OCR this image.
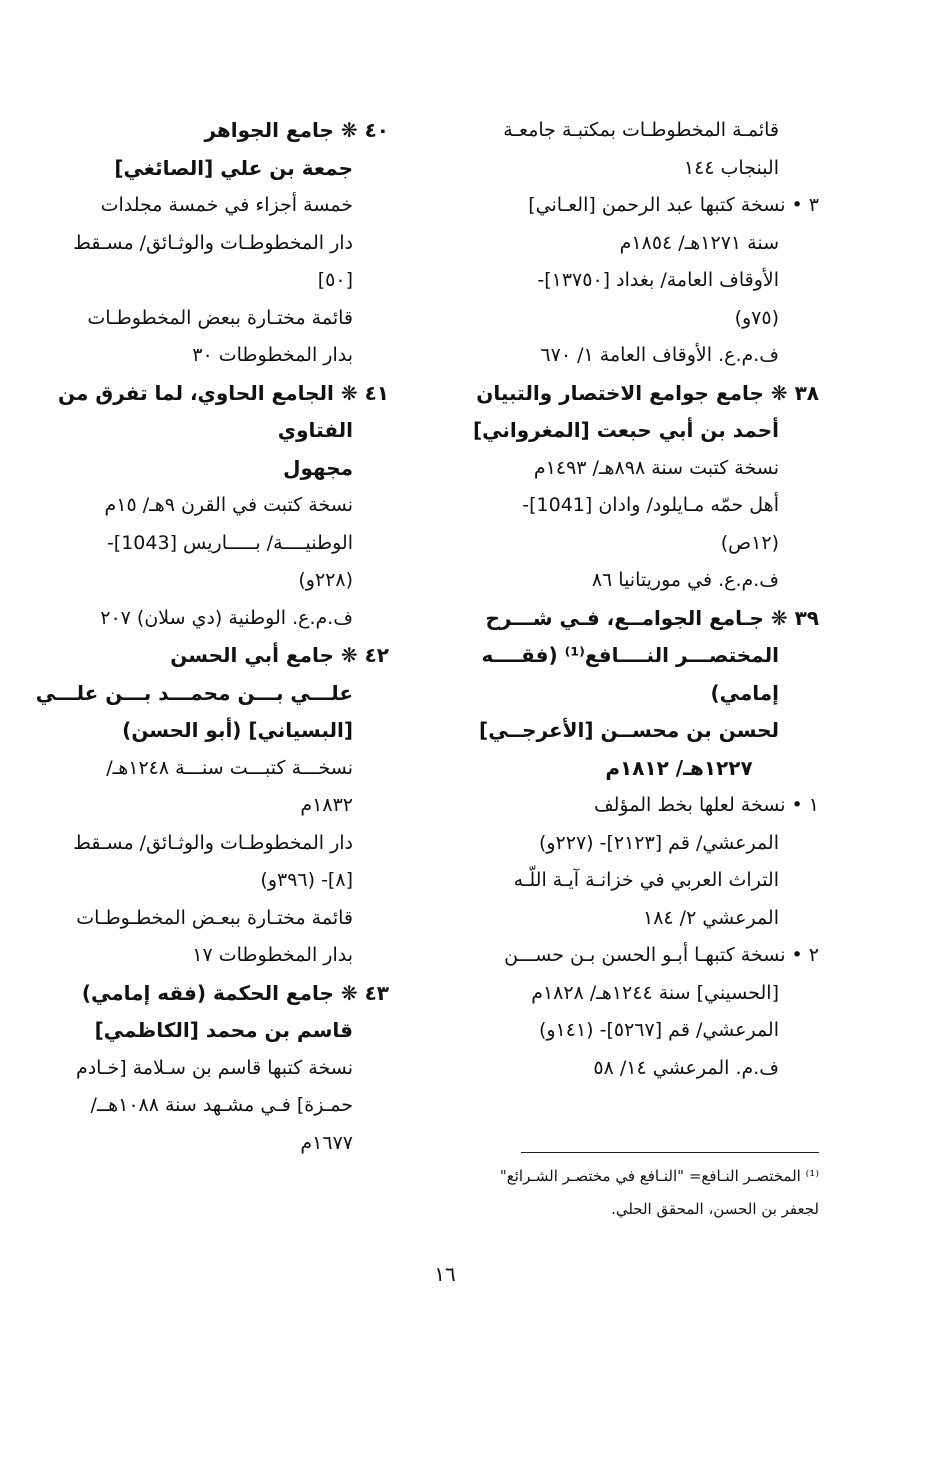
قائمـة المخطوطـات بمكتبـة جامعـة
البنجاب ١٤٤
٣ • نسخة كتبها عبد الرحمن [العـاني]
سنة ١٢٧١هـ/ ١٨٥٤م
الأوقاف العامة/ بغداد [١٣٧٥٠]-
(٧٥و)
ف.م.ع. الأوقاف العامة ١/ ٦٧٠
٣٨ ❋ جامع جوامع الاختصار والتبيان
أحمد بن أبي حبعت [المغرواني]
نسخة كتبت سنة ٨٩٨هـ/ ١٤٩٣م
أهل حمّه مـايلود/ وادان [1041]-
(١٢ص)
ف.م.ع. في موريتانيا ٨٦
٣٩ ❋ جـامع الجوامــع، فـي شـــرح
المختصـــر النــــافع⁽¹⁾ (فقــــه
إمامي)
لحسن بن محســن [الأعرجــي]
١٢٢٧هـ/ ١٨١٢م
١ • نسخة لعلها بخط المؤلف
المرعشي/ قم [٢١٢٣]- (٢٢٧و)
التراث العربي في خزانـة آيـة اللّـه
المرعشي ٢/ ١٨٤
٢ • نسخة كتبهـا أبـو الحسن بـن حســـن
[الحسيني] سنة ١٢٤٤هـ/ ١٨٢٨م
المرعشي/ قم [٥٢٦٧]- (١٤١و)
ف.م. المرعشي ١٤/ ٥٨
٤٠ ❋ جامع الجواهر
جمعة بن علي [الصائغي]
خمسة أجزاء في خمسة مجلدات
دار المخطوطـات والوثـائق/ مسـقط
[٥٠]
قائمة مختـارة ببعض المخطوطـات
بدار المخطوطات ٣٠
٤١ ❋ الجامع الحاوي، لما تفرق من
الفتاوي
مجهول
نسخة كتبت في القرن ٩هـ/ ١٥م
الوطنيــــة/ بـــــاريس [1043]-
(٢٢٨و)
ف.م.ع. الوطنية (دي سلان) ٢٠٧
٤٢ ❋ جامع أبي الحسن
علـــي بـــن محمـــد بـــن علـــي
[البسياني] (أبو الحسن)
نسخـــة كتبـــت سنـــة ١٢٤٨هـ/
١٨٣٢م
دار المخطوطـات والوثـائق/ مسـقط
[٨]- (٣٩٦و)
قائمة مختـارة ببعـض المخطـوطـات
بدار المخطوطات ١٧
٤٣ ❋ جامع الحكمة (فقه إمامي)
قاسم بن محمد [الكاظمي]
نسخة كتبها قاسم بن سـلامة [خـادم
حمـزة] فـي مشـهد سنة ١٠٨٨هــ/
١٦٧٧م
⁽¹⁾ المختصـر النـافع= "النـافع في مختصـر الشـرائع"
لجعفر بن الحسن، المحقق الحلي.
١٦
